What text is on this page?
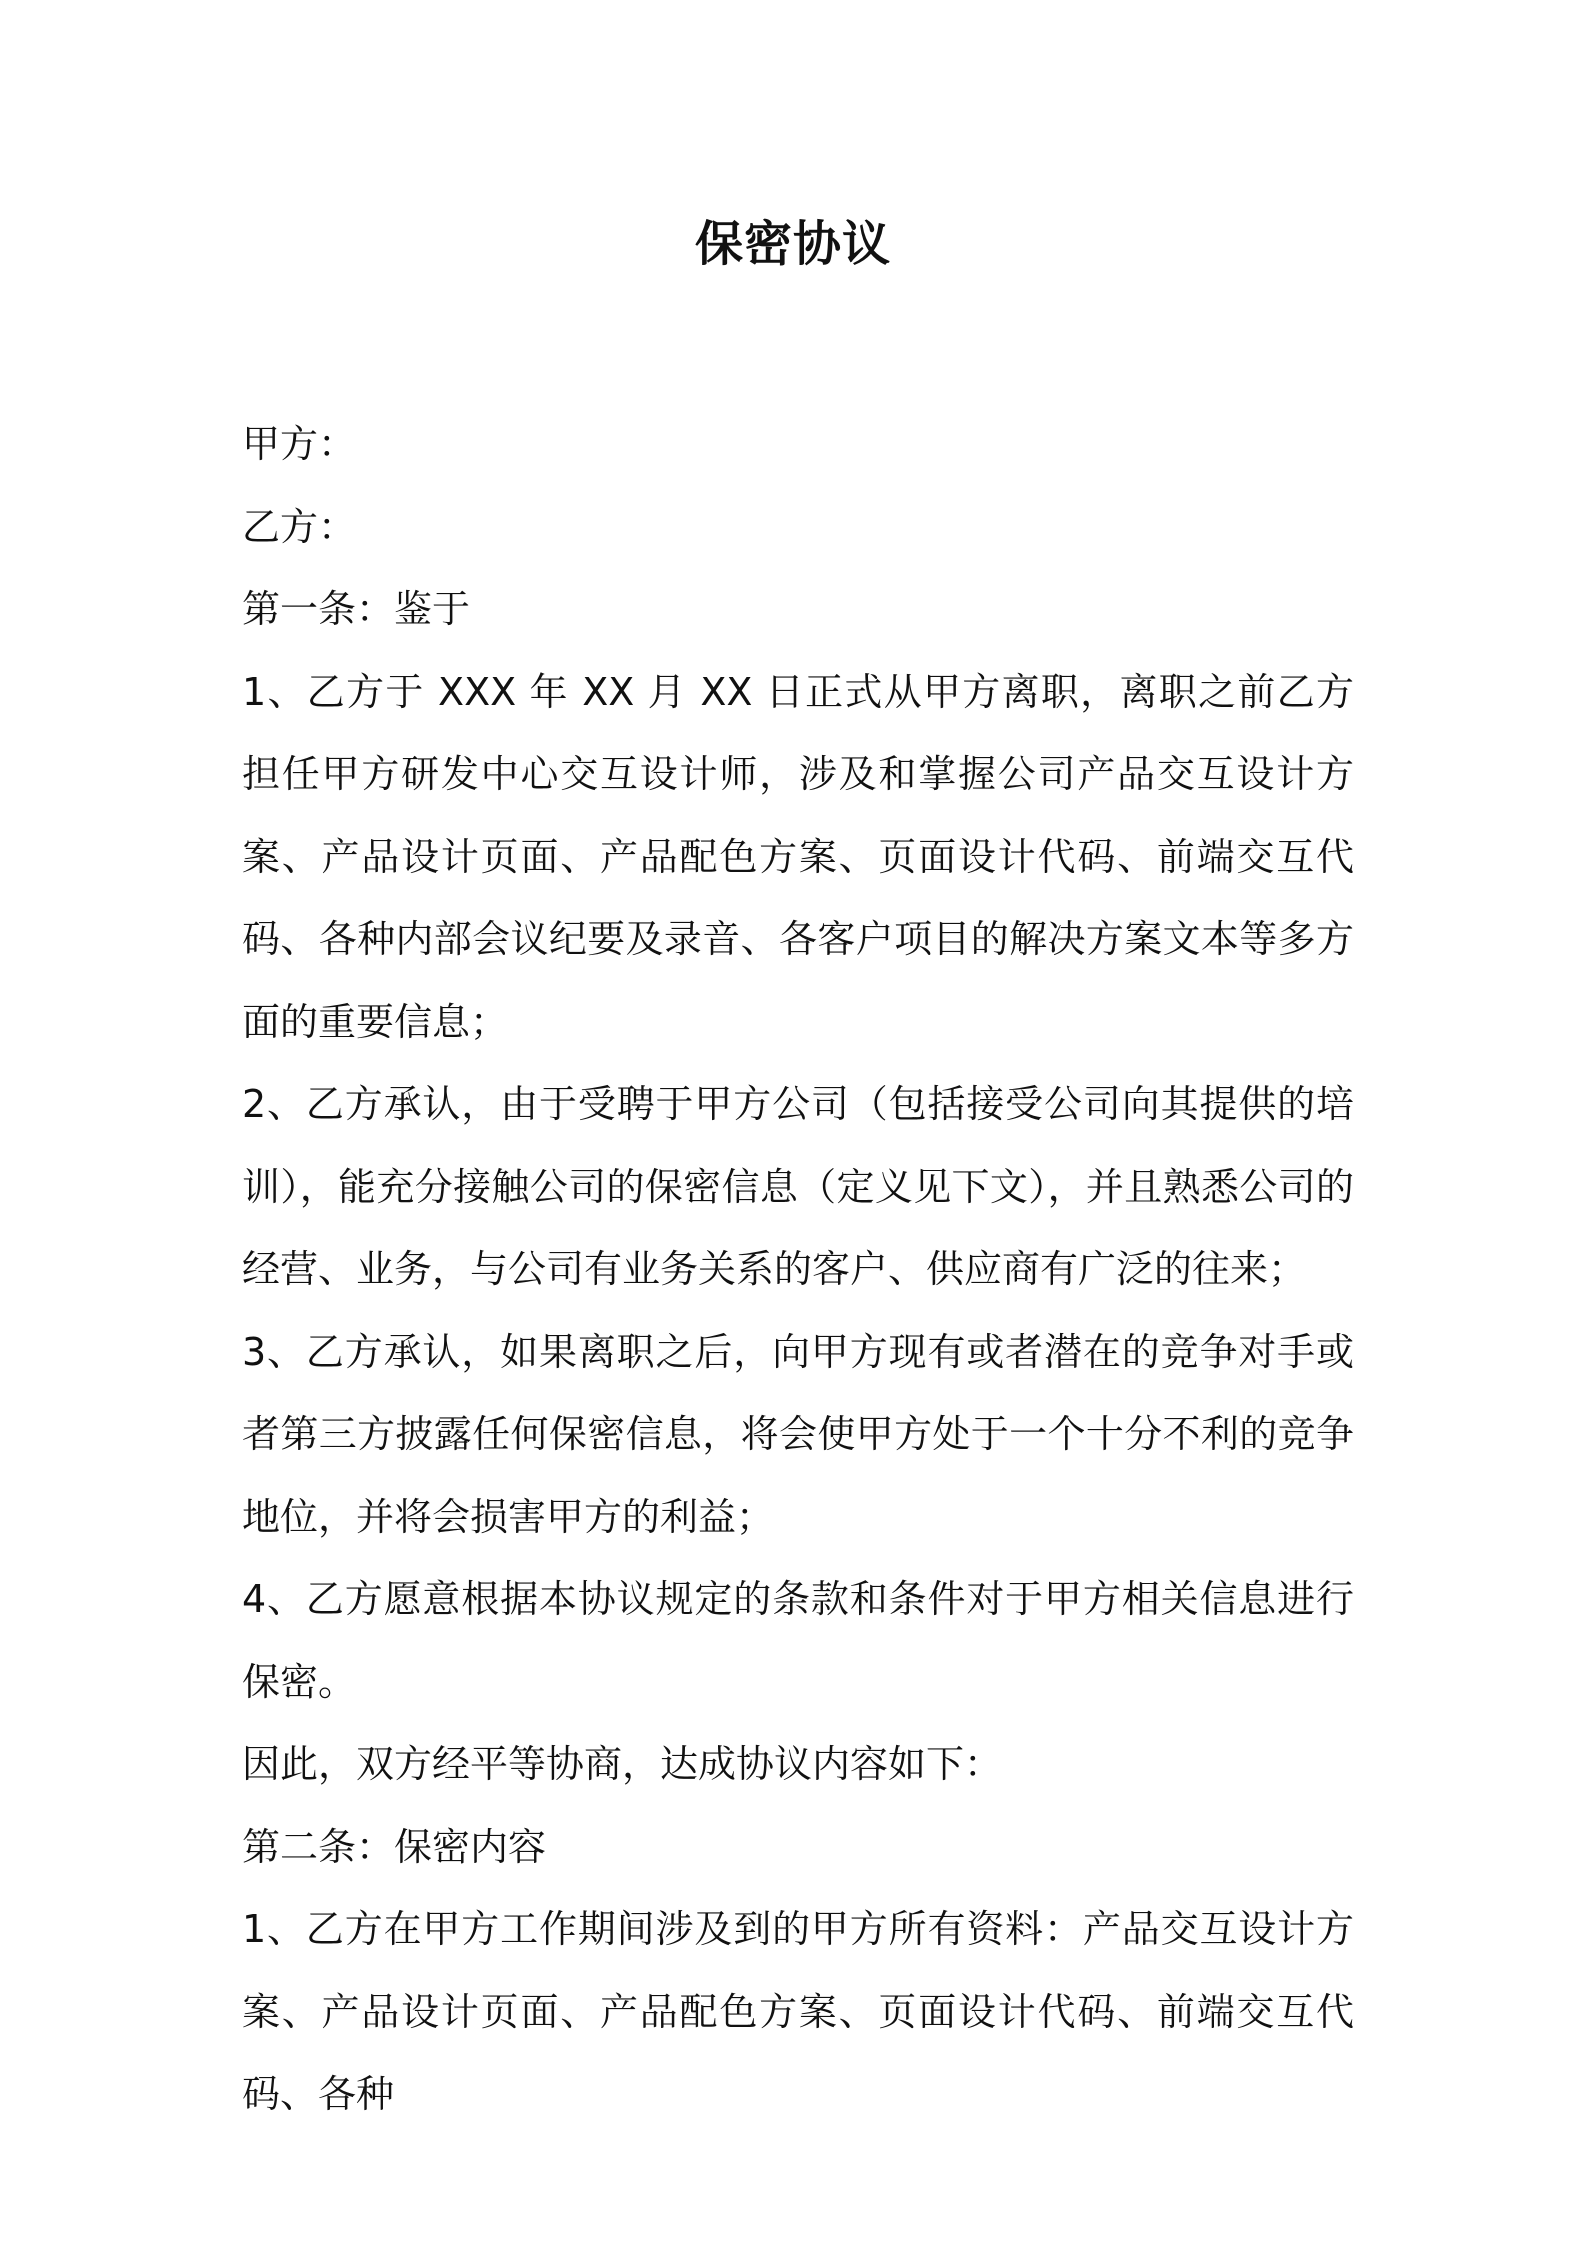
保密协议

甲方：

乙方：

第一条：鉴于

1、乙方于 XXX 年 XX 月 XX 日正式从甲方离职，离职之前乙方担任甲方研发中心交互设计师，涉及和掌握公司产品交互设计方案、产品设计页面、产品配色方案、页面设计代码、前端交互代码、各种内部会议纪要及录音、各客户项目的解决方案文本等多方面的重要信息；

2、乙方承认，由于受聘于甲方公司（包括接受公司向其提供的培训），能充分接触公司的保密信息（定义见下文），并且熟悉公司的经营、业务，与公司有业务关系的客户、供应商有广泛的往来；

3、乙方承认，如果离职之后，向甲方现有或者潜在的竞争对手或者第三方披露任何保密信息，将会使甲方处于一个十分不利的竞争地位，并将会损害甲方的利益；

4、乙方愿意根据本协议规定的条款和条件对于甲方相关信息进行保密。

因此，双方经平等协商，达成协议内容如下：

第二条：保密内容

1、乙方在甲方工作期间涉及到的甲方所有资料：产品交互设计方案、产品设计页面、产品配色方案、页面设计代码、前端交互代码、各种
